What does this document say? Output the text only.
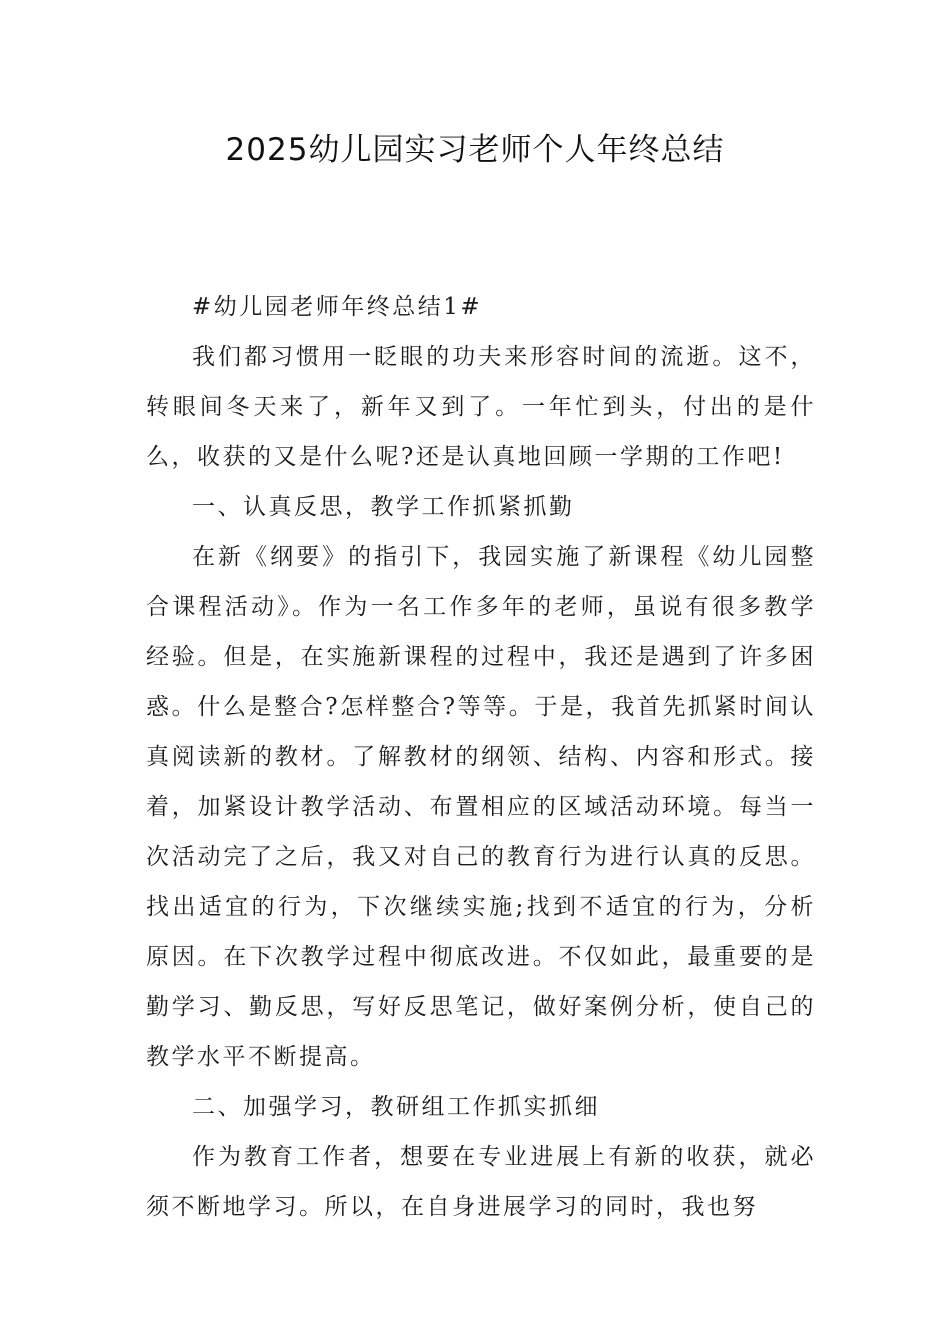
2025幼儿园实习老师个人年终总结

#幼儿园老师年终总结1#

我们都习惯用一眨眼的功夫来形容时间的流逝。这不，转眼间冬天来了，新年又到了。一年忙到头，付出的是什么，收获的又是什么呢?还是认真地回顾一学期的工作吧!

一、认真反思，教学工作抓紧抓勤

在新《纲要》的指引下，我园实施了新课程《幼儿园整合课程活动》。作为一名工作多年的老师，虽说有很多教学经验。但是，在实施新课程的过程中，我还是遇到了许多困惑。什么是整合?怎样整合?等等。于是，我首先抓紧时间认真阅读新的教材。了解教材的纲领、结构、内容和形式。接着，加紧设计教学活动、布置相应的区域活动环境。每当一次活动完了之后，我又对自己的教育行为进行认真的反思。找出适宜的行为，下次继续实施;找到不适宜的行为，分析原因。在下次教学过程中彻底改进。不仅如此，最重要的是勤学习、勤反思，写好反思笔记，做好案例分析，使自己的教学水平不断提高。

二、加强学习，教研组工作抓实抓细

作为教育工作者，想要在专业进展上有新的收获，就必须不断地学习。所以，在自身进展学习的同时，我也努
